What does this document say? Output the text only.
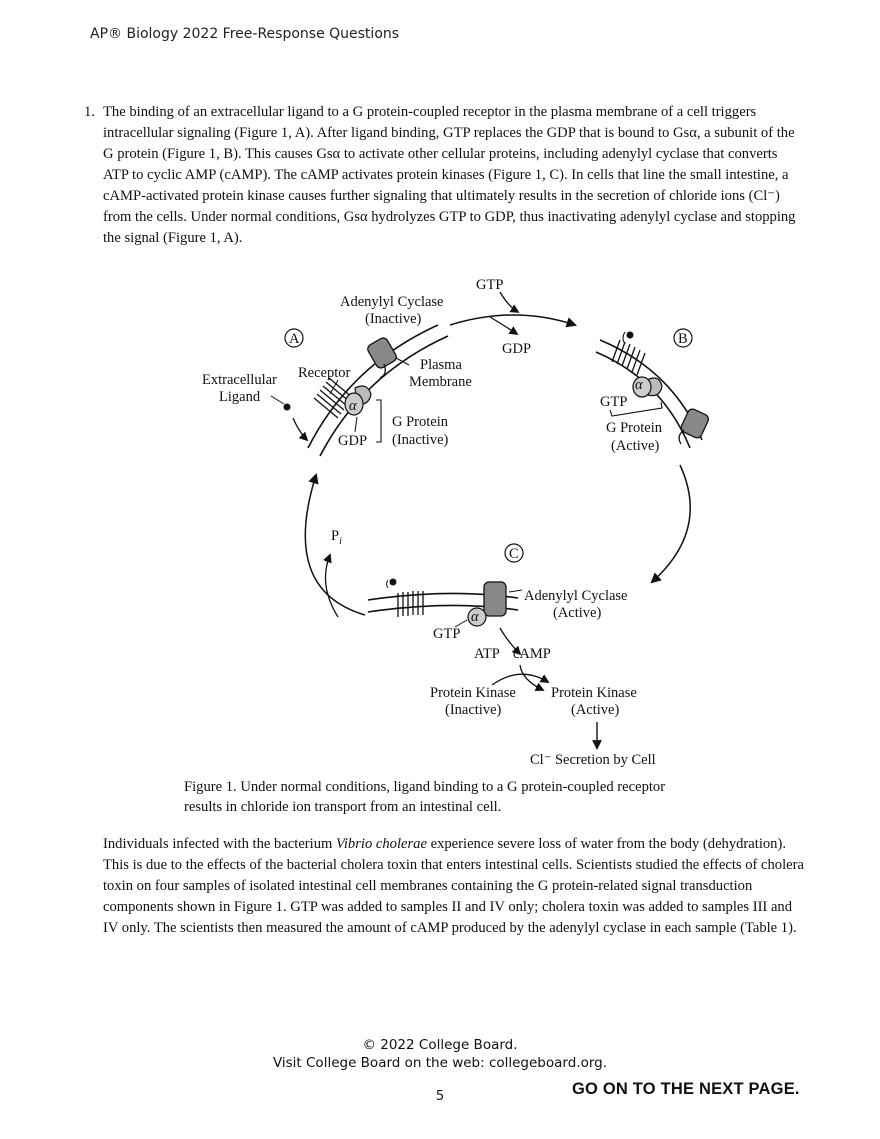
AP® Biology 2022 Free-Response Questions
1. The binding of an extracellular ligand to a G protein-coupled receptor in the plasma membrane of a cell triggers intracellular signaling (Figure 1, A). After ligand binding, GTP replaces the GDP that is bound to Gsα, a subunit of the G protein (Figure 1, B). This causes Gsα to activate other cellular proteins, including adenylyl cyclase that converts ATP to cyclic AMP (cAMP). The cAMP activates protein kinases (Figure 1, C). In cells that line the small intestine, a cAMP-activated protein kinase causes further signaling that ultimately results in the secretion of chloride ions (Cl⁻) from the cells. Under normal conditions, Gsα hydrolyzes GTP to GDP, thus inactivating adenylyl cyclase and stopping the signal (Figure 1, A).
α
A
Adenylyl Cyclase
(Inactive)
Plasma
Membrane
Receptor
Extracellular
Ligand
G Protein
(Inactive)
GDP
GTP
GDP
α
B
GTP
G Protein
(Active)
$P_i$
α
C
Adenylyl Cyclase
(Active)
GTP
ATP cAMP
Protein Kinase
(Inactive)
Protein Kinase
(Active)
Cl⁻ Secretion by Cell
Figure 1. Under normal conditions, ligand binding to a G protein-coupled receptor results in chloride ion transport from an intestinal cell.
Individuals infected with the bacterium Vibrio cholerae experience severe loss of water from the body (dehydration). This is due to the effects of the bacterial cholera toxin that enters intestinal cells. Scientists studied the effects of cholera toxin on four samples of isolated intestinal cell membranes containing the G protein-related signal transduction components shown in Figure 1. GTP was added to samples II and IV only; cholera toxin was added to samples III and IV only. The scientists then measured the amount of cAMP produced by the adenylyl cyclase in each sample (Table 1).
© 2022 College Board.
Visit College Board on the web: collegeboard.org.
5	GO ON TO THE NEXT PAGE.
